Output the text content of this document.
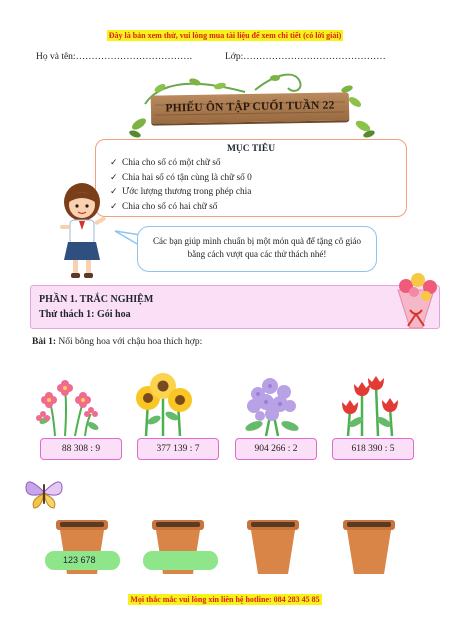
Đây là bản xem thử, vui lòng mua tài liệu để xem chi tiết (có lời giải)
Họ và tên:……………………………….	Lớp:………………………………………
PHIẾU ÔN TẬP CUỐI TUẦN 22
MỤC TIÊU
✓ Chia cho số có một chữ số
✓ Chia hai số có tận cùng là chữ số 0
✓ Ước lượng thương trong phép chia
✓ Chia cho số có hai chữ số
Các bạn giúp mình chuẩn bị một món quà để tặng cô giáo bằng cách vượt qua các thử thách nhé!
PHẦN 1. TRẮC NGHIỆM
Thử thách 1: Gói hoa
Bài 1: Nối bông hoa với chậu hoa thích hợp:
88 308 : 9	377 139 : 7	904 266 : 2	618 390 : 5
123 678
Mọi thắc mắc vui lòng xin liên hệ hotline: 084 283 45 85
